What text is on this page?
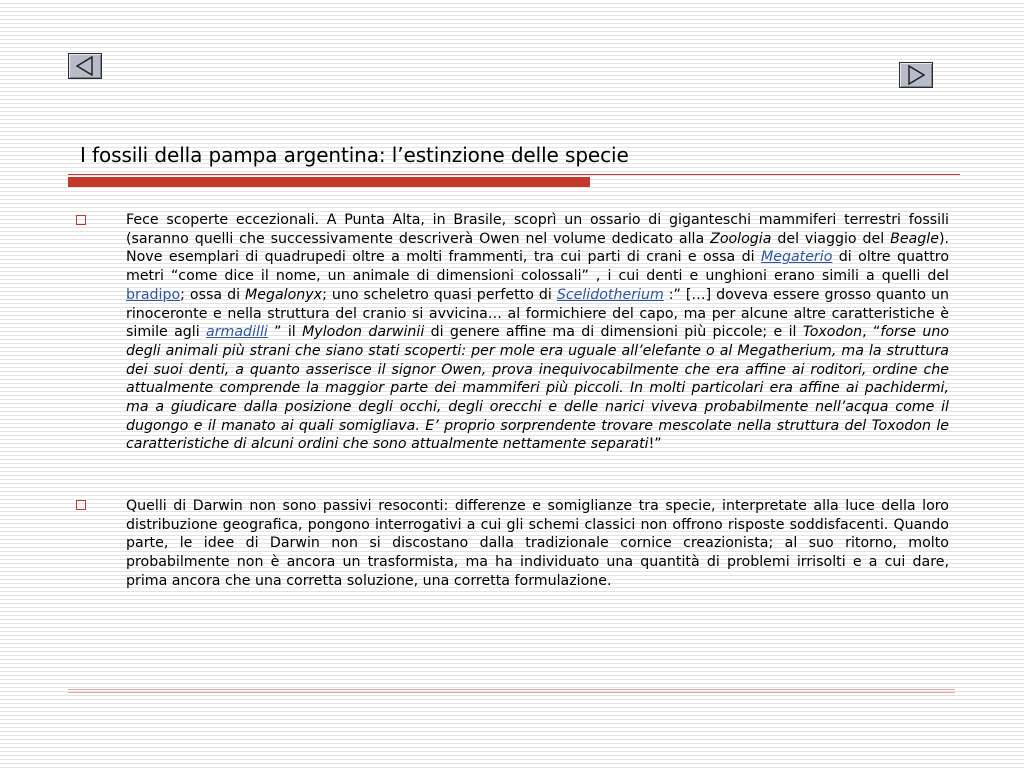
I fossili della pampa argentina: l’estinzione delle specie
Fece scoperte eccezionali. A Punta Alta, in Brasile, scoprì un ossario di giganteschi mammiferi terrestri fossili (saranno quelli che successivamente descriverà Owen nel volume dedicato alla Zoologia del viaggio del Beagle). Nove esemplari di quadrupedi oltre a molti frammenti, tra cui parti di crani e ossa di Megaterio di oltre quattro metri “come dice il nome, un animale di dimensioni colossali” , i cui denti e unghioni erano simili a quelli del bradipo; ossa di Megalonyx; uno scheletro quasi perfetto di Scelidotherium :” […] doveva essere grosso quanto un rinoceronte e nella struttura del cranio si avvicina… al formichiere del capo, ma per alcune altre caratteristiche è simile agli armadilli ” il Mylodon darwinii di genere affine ma di dimensioni più piccole; e il Toxodon, “forse uno degli animali più strani che siano stati scoperti: per mole era uguale all’elefante o al Megatherium, ma la struttura dei suoi denti, a quanto asserisce il signor Owen, prova inequivocabilmente che era affine ai roditori, ordine che attualmente comprende la maggior parte dei mammiferi più piccoli. In molti particolari era affine ai pachidermi, ma a giudicare dalla posizione degli occhi, degli orecchi e delle narici viveva probabilmente nell’acqua come il dugongo e il manato ai quali somigliava. E’ proprio sorprendente trovare mescolate nella struttura del Toxodon le caratteristiche di alcuni ordini che sono attualmente nettamente separati!”
Quelli di Darwin non sono passivi resoconti: differenze e somiglianze tra specie, interpretate alla luce della loro distribuzione geografica, pongono interrogativi a cui gli schemi classici non offrono risposte soddisfacenti. Quando parte, le idee di Darwin non si discostano dalla tradizionale cornice creazionista; al suo ritorno, molto probabilmente non è ancora un trasformista, ma ha individuato una quantità di problemi irrisolti e a cui dare, prima ancora che una corretta soluzione, una corretta formulazione.
